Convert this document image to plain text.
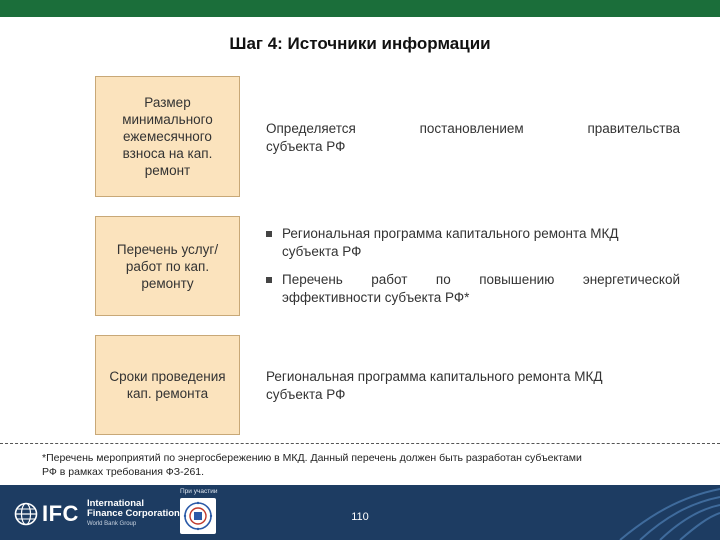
Шаг 4: Источники информации
Размер минимального ежемесячного взноса на кап. ремонт
Определяется	постановлением	правительства
субъекта РФ
Перечень услуг/работ по кап. ремонту
Региональная программа капитального ремонта МКД
субъекта РФ
Перечень работ по повышению энергетической
эффективности субъекта РФ*
Сроки проведения кап. ремонта
Региональная программа капитального ремонта МКД
субъекта РФ
*Перечень мероприятий по энергосбережению в МКД. Данный перечень должен быть разработан субъектами
РФ в рамках требования ФЗ-261.
IFC International
Finance Corporation
World Bank Group
При участии
110
